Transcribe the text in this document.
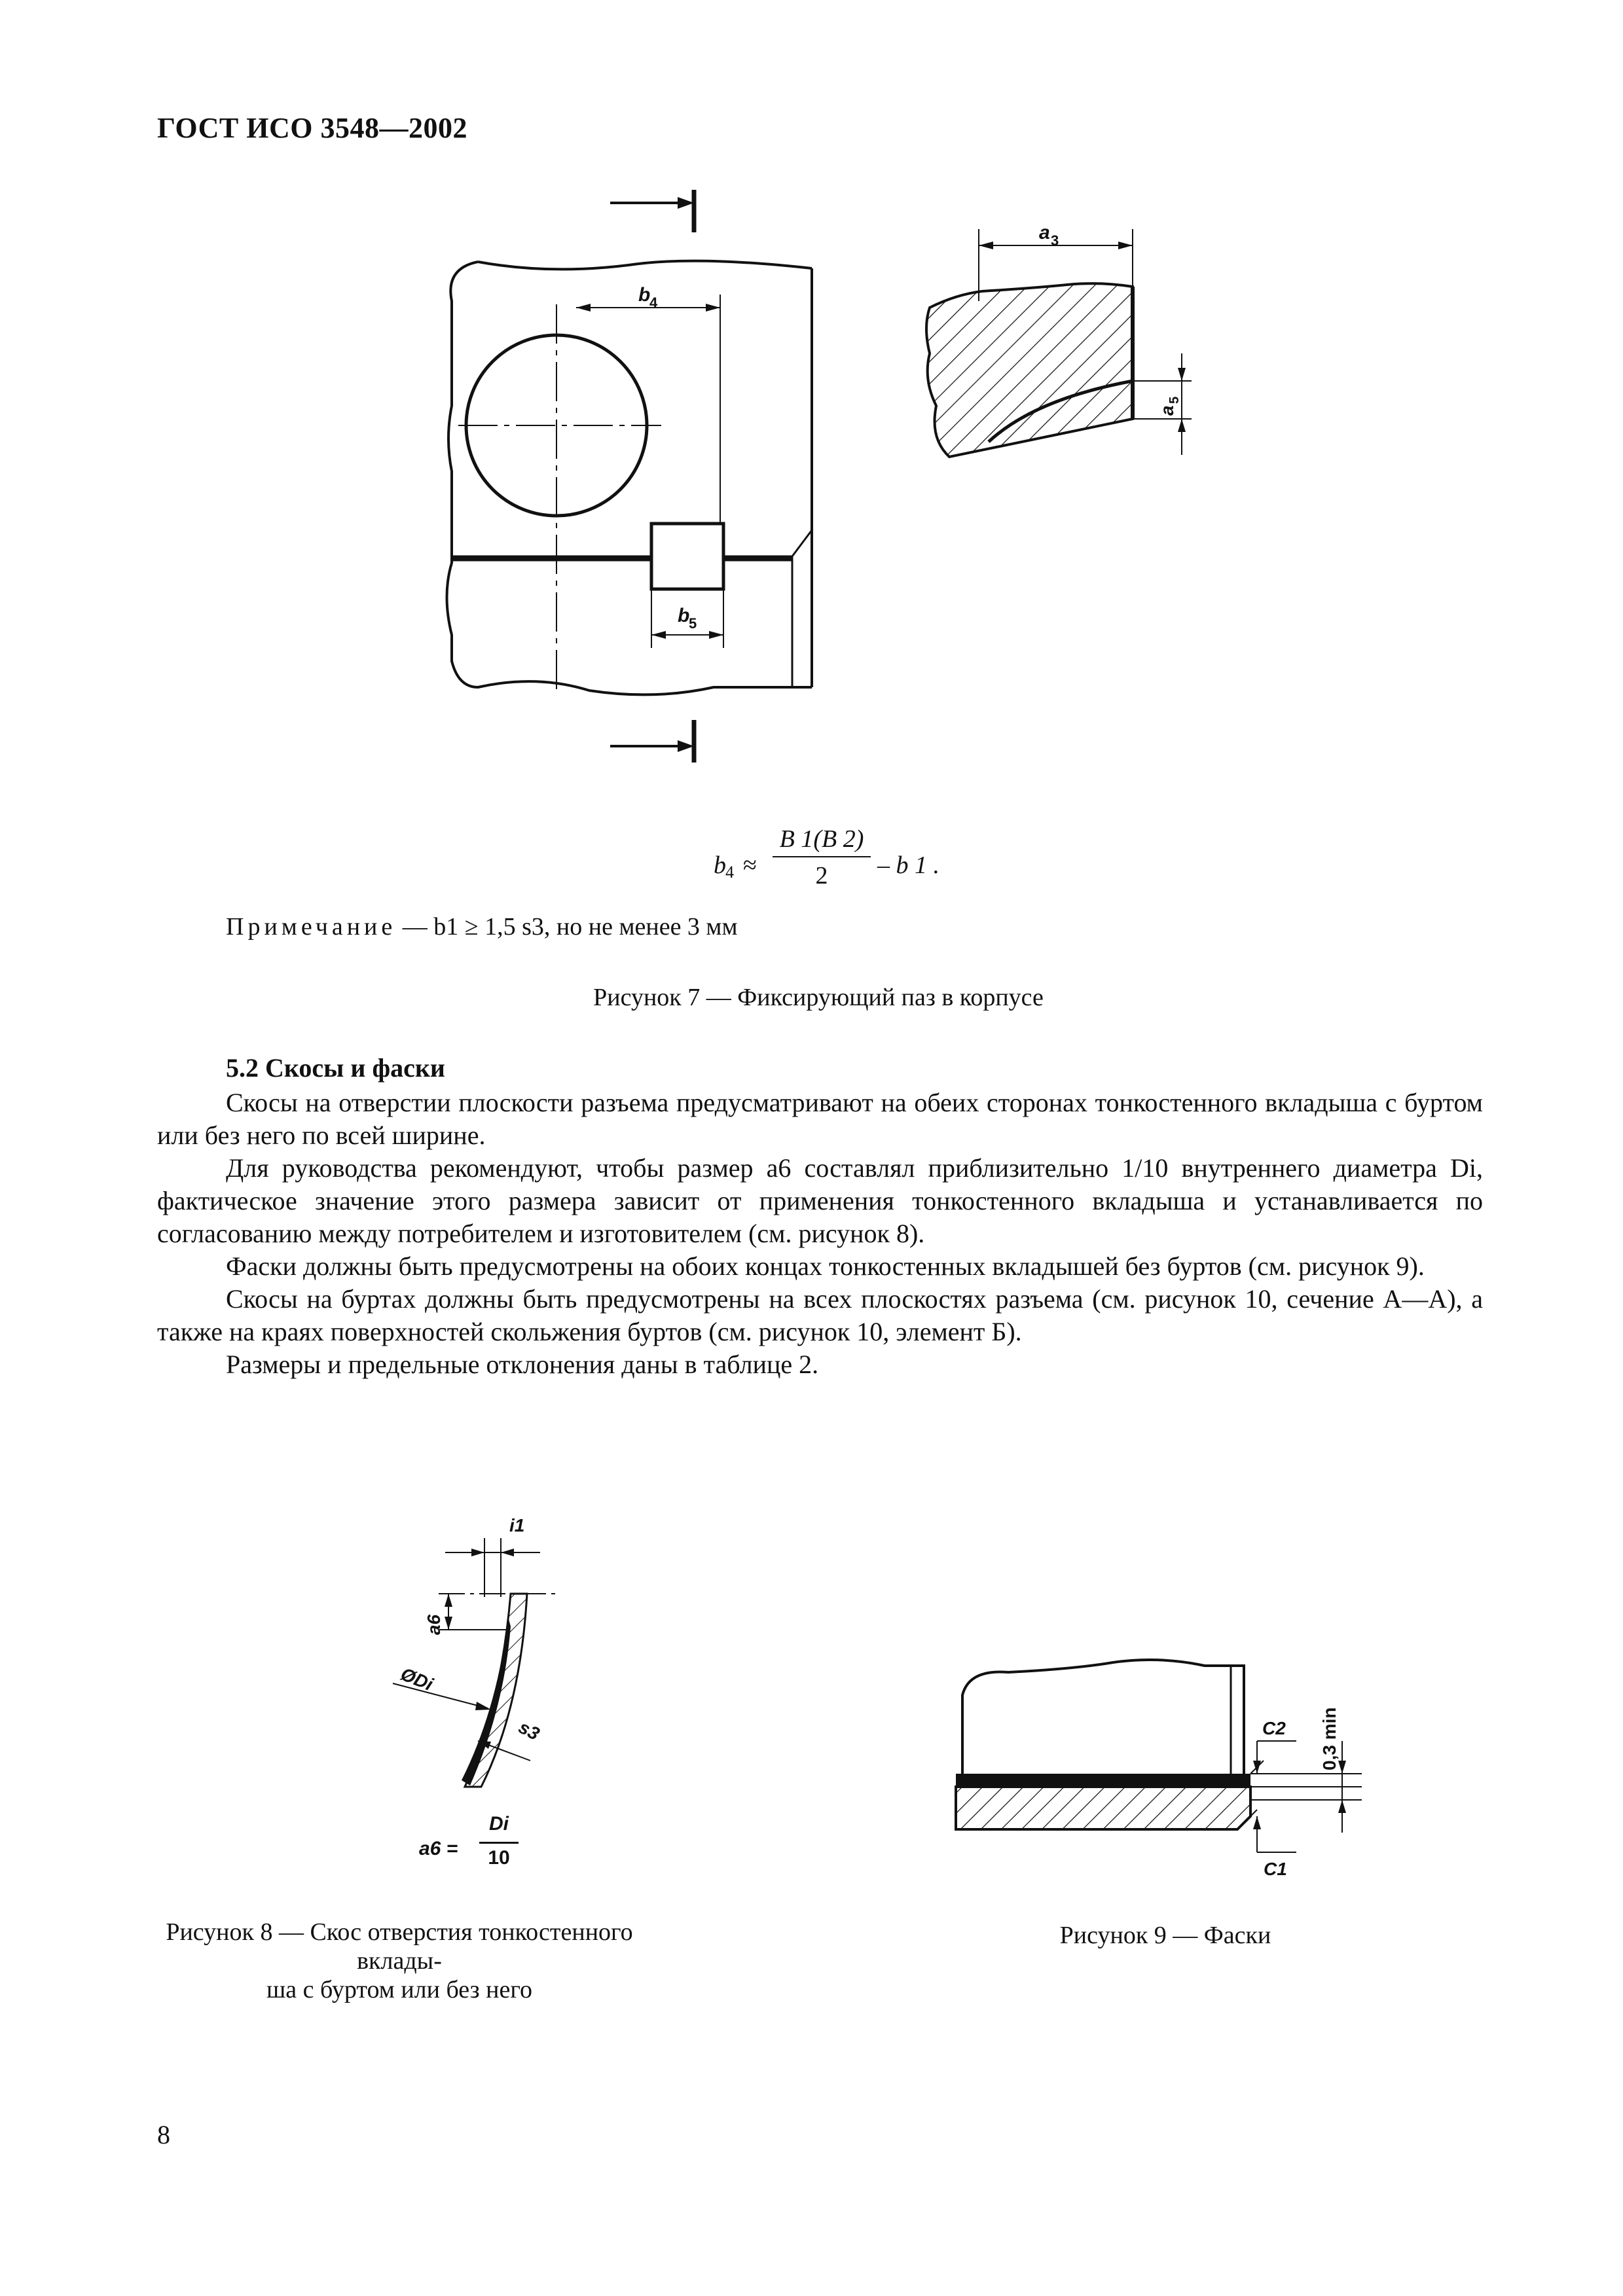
ГОСТ ИСО 3548—2002
b
4
b
5
a 3
a
5
b 4 ≈
B 1(B 2)
2	– b 1 .
Примечание — b1 ≥ 1,5 s3, но не менее 3 мм
Рисунок 7 — Фиксирующий паз в корпусе
5.2 Скосы и фаски

Скосы на отверстии плоскости разъема предусматривают на обеих сторонах тонкостенного вкладыша с буртом или без него по всей ширине.

Для руководства рекомендуют, чтобы размер a6 составлял приблизительно 1/10 внутреннего диаметра Di, фактическое значение этого размера зависит от применения тонкостенного вкладыша и устанавливается по согласованию между потребителем и изготовителем (см. рисунок 8).

Фаски должны быть предусмотрены на обоих концах тонкостенных вкладышей без буртов (см. рисунок 9).

Скосы на буртах должны быть предусмотрены на всех плоскостях разъема (см. рисунок 10, сечение А—А), а также на краях поверхностей скольжения буртов (см. рисунок 10, элемент Б).

Размеры и предельные отклонения даны в таблице 2.

i1
a6
ØDi
s3
a6 =
Di
10
Рисунок 8 — Скос отверстия тонкостенного вклады-
ша с буртом или без него
C2 0,3 min
C1
Рисунок 9 — Фаски
8
